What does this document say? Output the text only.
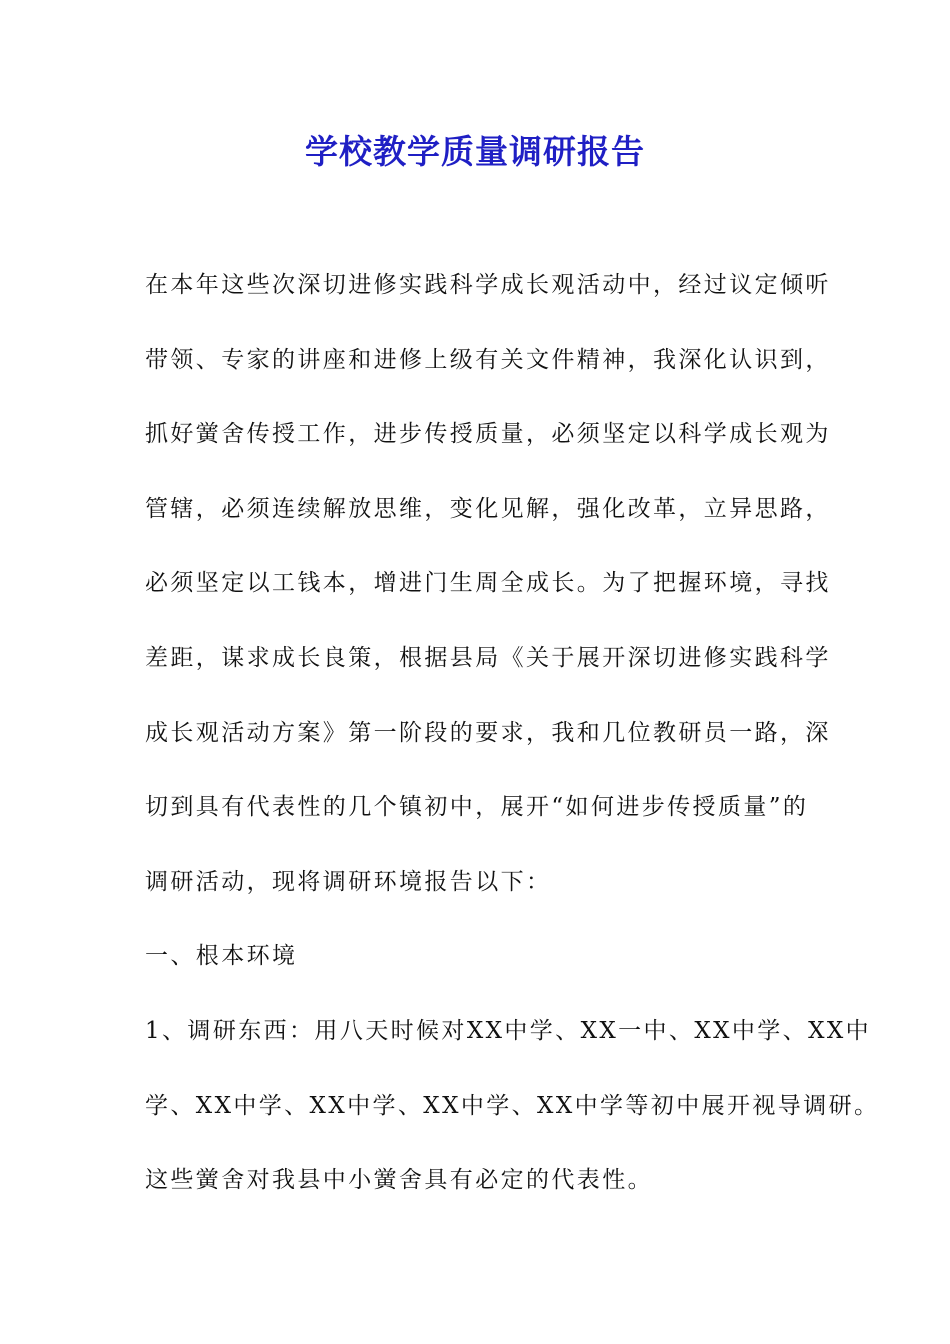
学校教学质量调研报告

在本年这些次深切进修实践科学成长观活动中，经过议定倾听

带领、专家的讲座和进修上级有关文件精神，我深化认识到，

抓好黉舍传授工作，进步传授质量，必须坚定以科学成长观为

管辖，必须连续解放思维，变化见解，强化改革，立异思路，

必须坚定以工钱本，增进门生周全成长。为了把握环境，寻找

差距，谋求成长良策，根据县局《关于展开深切进修实践科学

成长观活动方案》第一阶段的要求，我和几位教研员一路，深

切到具有代表性的几个镇初中，展开“如何进步传授质量”的

调研活动，现将调研环境报告以下：

一、根本环境

1、调研东西：用八天时候对XX中学、XX一中、XX中学、XX中

学、XX中学、XX中学、XX中学、XX中学等初中展开视导调研。

这些黉舍对我县中小黉舍具有必定的代表性。
